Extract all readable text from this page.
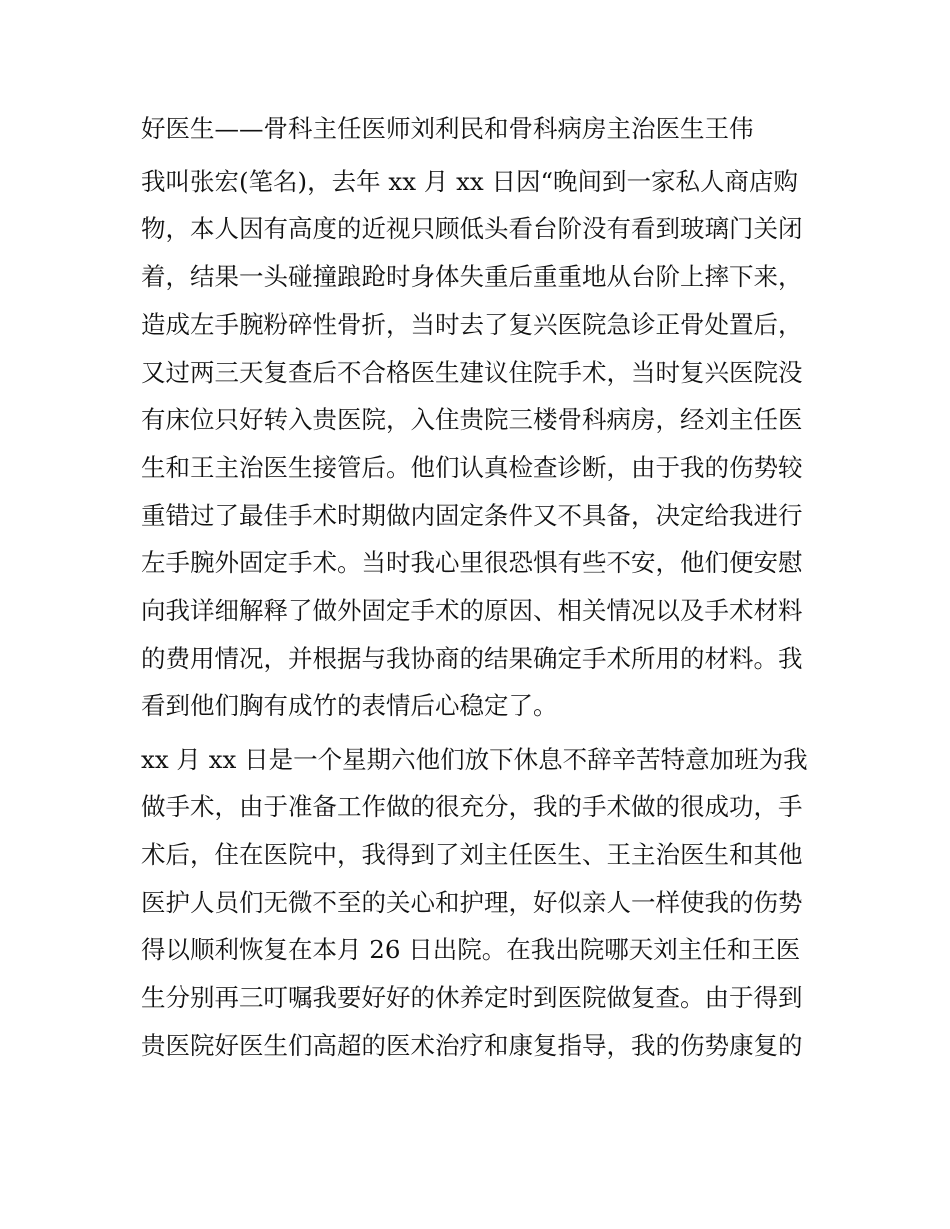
好医生——骨科主任医师刘利民和骨科病房主治医生王伟
我叫张宏(笔名)，去年 xx 月 xx 日因“晚间到一家私人商店购
物，本人因有高度的近视只顾低头看台阶没有看到玻璃门关闭
着，结果一头碰撞踉跄时身体失重后重重地从台阶上摔下来，
造成左手腕粉碎性骨折，当时去了复兴医院急诊正骨处置后，
又过两三天复查后不合格医生建议住院手术，当时复兴医院没
有床位只好转入贵医院，入住贵院三楼骨科病房，经刘主任医
生和王主治医生接管后。他们认真检查诊断，由于我的伤势较
重错过了最佳手术时期做内固定条件又不具备，决定给我进行
左手腕外固定手术。当时我心里很恐惧有些不安，他们便安慰
向我详细解释了做外固定手术的原因、相关情况以及手术材料
的费用情况，并根据与我协商的结果确定手术所用的材料。我
看到他们胸有成竹的表情后心稳定了。
xx 月 xx 日是一个星期六他们放下休息不辞辛苦特意加班为我
做手术，由于准备工作做的很充分，我的手术做的很成功，手
术后，住在医院中，我得到了刘主任医生、王主治医生和其他
医护人员们无微不至的关心和护理，好似亲人一样使我的伤势
得以顺利恢复在本月 26 日出院。在我出院哪天刘主任和王医
生分别再三叮嘱我要好好的休养定时到医院做复查。由于得到
贵医院好医生们高超的医术治疗和康复指导，我的伤势康复的
